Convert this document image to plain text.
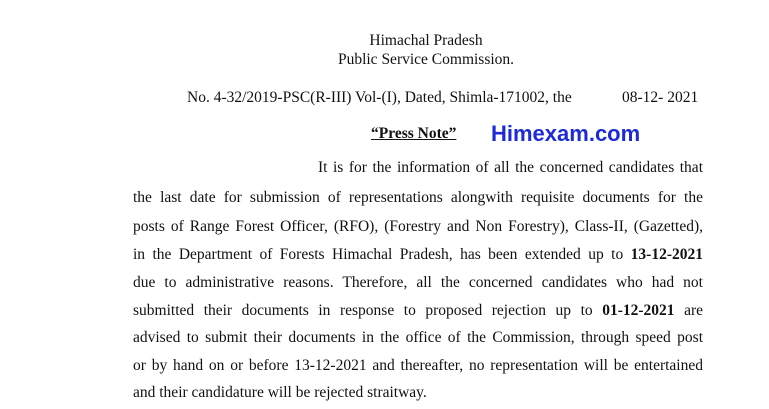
Himachal Pradesh
Public Service Commission.
No. 4-32/2019-PSC(R-III) Vol-(I), Dated, Shimla-171002, the	08-12- 2021
“Press Note” Himexam.com
It is for the information of all the concerned candidates that
the last date for submission of representations alongwith requisite documents for the
posts of Range Forest Officer, (RFO), (Forestry and Non Forestry), Class-II, (Gazetted),
in the Department of Forests Himachal Pradesh, has been extended up to 13-12-2021
due to administrative reasons. Therefore, all the concerned candidates who had not
submitted their documents in response to proposed rejection up to 01-12-2021 are
advised to submit their documents in the office of the Commission, through speed post
or by hand on or before 13-12-2021 and thereafter, no representation will be entertained
and their candidature will be rejected straitway.
